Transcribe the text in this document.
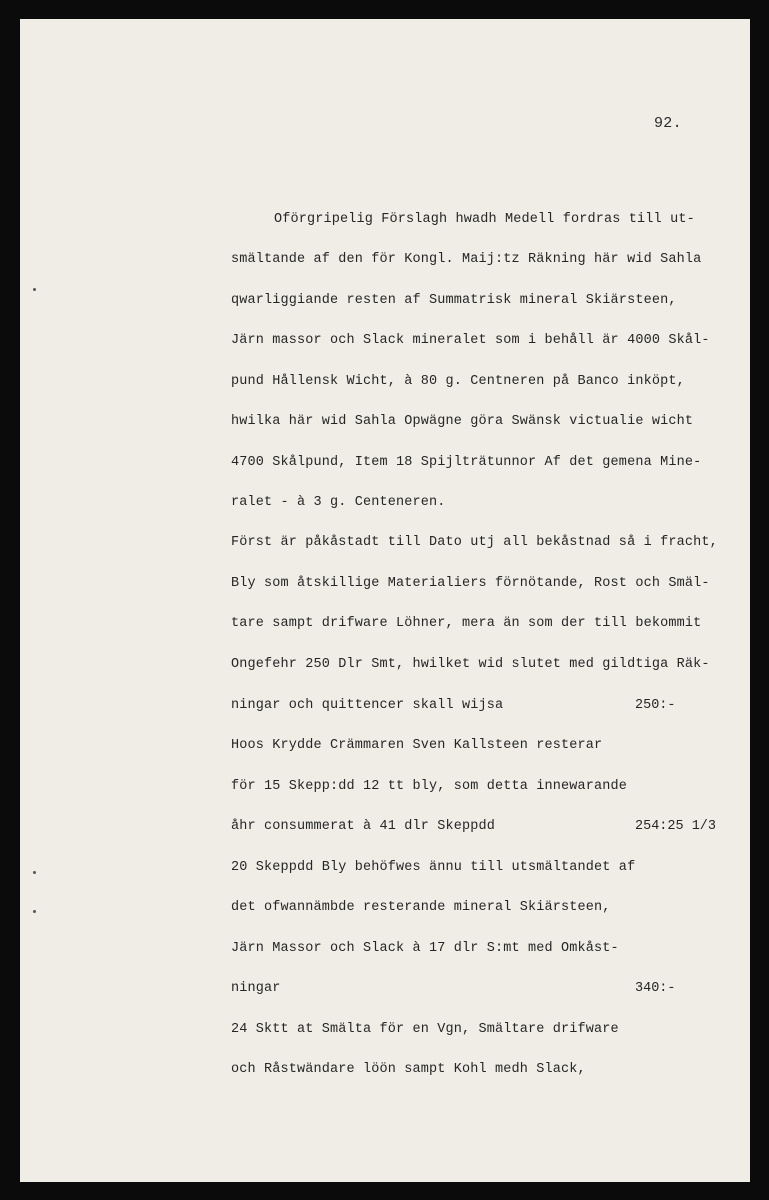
92.
Oförgripelig Förslagh hwadh Medell fordras till ut-
smältande af den för Kongl. Maij:tz Räkning här wid Sahla
qwarliggiande resten af Summatrisk mineral Skiärsteen,
Järn massor och Slack mineralet som i behåll är 4000 Skål-
pund Hållensk Wicht, à 80 g. Centneren på Banco inköpt,
hwilka här wid Sahla Opwägne göra Swänsk victualie wicht
4700 Skålpund, Item 18 Spijlträtunnor Af det gemena Mine-
ralet - à 3 g. Centeneren.
Först är påkåstadt till Dato utj all bekåstnad så i fracht,
Bly som åtskillige Materialiers förnötande, Rost och Smäl-
tare sampt drifware Löhner, mera än som der till bekommit
Ongefehr 250 Dlr Smt, hwilket wid slutet med gildtiga Räk-
ningar och quittencer skall wijsa	250:-
Hoos Krydde Crämmaren Sven Kallsteen resterar
för 15 Skepp:dd 12 tt bly, som detta innewarande
åhr consummerat à 41 dlr Skeppdd	254:25 1/3
20 Skeppdd Bly behöfwes ännu till utsmältandet af
det ofwannämbde resterande mineral Skiärsteen,
Järn Massor och Slack à 17 dlr S:mt med Omkåst-
ningar	340:-
24 Sktt at Smälta för en Vgn, Smältare drifware
och Råstwändare löön sampt Kohl medh Slack,
